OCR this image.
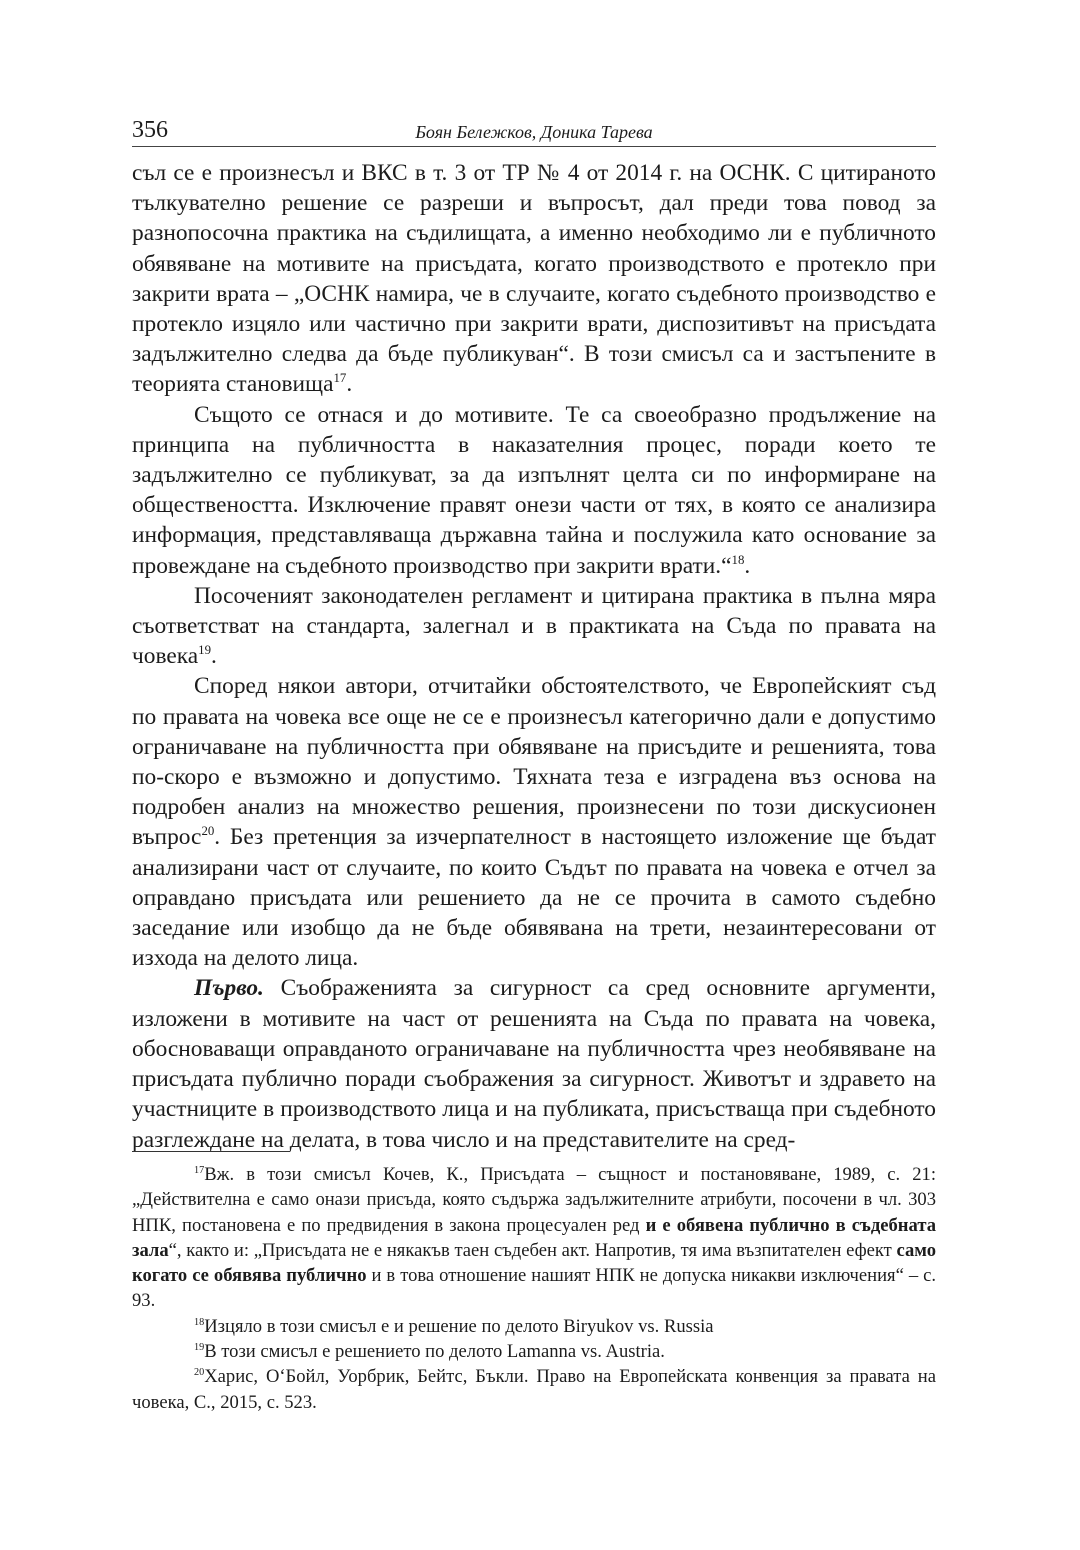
356	Боян Бележков, Доника Тарева

съл се е произнесъл и ВКС в т. 3 от ТР № 4 от 2014 г. на ОСНК. С цитираното тълкувателно решение се разреши и въпросът, дал преди това повод за разнопосочна практика на съдилищата, а именно необходимо ли е публичното обявяване на мотивите на присъдата, когато производството е протекло при закрити врата – „ОСНК намира, че в случаите, когато съдебното производство е протекло изцяло или частично при закрити врати, диспозитивът на присъдата задължително следва да бъде публикуван“. В този смисъл са и застъпените в теорията становища$^{17}$.

Същото се отнася и до мотивите. Те са своеобразно продължение на принципа на публичността в наказателния процес, поради което те задължително се публикуват, за да изпълнят целта си по информиране на обществеността. Изключение правят онези части от тях, в която се анализира информация, представляваща държавна тайна и послужила като основание за провеждане на съдебното производство при закрити врати.“$^{18}$.

Посоченият законодателен регламент и цитирана практика в пълна мяра съответстват на стандарта, залегнал и в практиката на Съда по правата на човека$^{19}$.

Според някои автори, отчитайки обстоятелството, че Европейският съд по правата на човека все още не се е произнесъл категорично дали е допустимо ограничаване на публичността при обявяване на присъдите и решенията, това по-скоро е възможно и допустимо. Тяхната теза е изградена въз основа на подробен анализ на множество решения, произнесени по този дискусионен въпрос$^{20}$. Без претенция за изчерпателност в настоящето изложение ще бъдат анализирани част от случаите, по които Съдът по правата на човека е отчел за оправдано присъдата или решението да не се прочита в самото съдебно заседание или изобщо да не бъде обявявана на трети, незаинтересовани от изхода на делото лица.

Първо. Съображенията за сигурност са сред основните аргументи, изложени в мотивите на част от решенията на Съда по правата на човека, обосноваващи оправданото ограничаване на публичността чрез необявяване на присъдата публично поради съображения за сигурност. Животът и здравето на участниците в производството лица и на публиката, присъстваща при съдебното разглеждане на делата, в това число и на представителите на сред-

$^{17}$Вж. в този смисъл Кочев, К., Присъдата – същност и постановяване, 1989, с. 21: „Действителна е само онази присъда, която съдържа задължителните атрибути, посочени в чл. 303 НПК, постановена е по предвидения в закона процесуален ред и е обявена публично в съдебната зала“, както и: „Присъдата не е някакъв таен съдебен акт. Напротив, тя има възпитателен ефект само когато се обявява публично и в това отношение нашият НПК не допуска никакви изключения“ – с. 93.

$^{18}$Изцяло в този смисъл е и решение по делото Biryukov vs. Russia

$^{19}$В този смисъл е решението по делото Lamanna vs. Austria.

$^{20}$Харис, О‘Бойл, Уорбрик, Бейтс, Бъкли. Право на Европейската конвенция за правата на човека, С., 2015, с. 523.
